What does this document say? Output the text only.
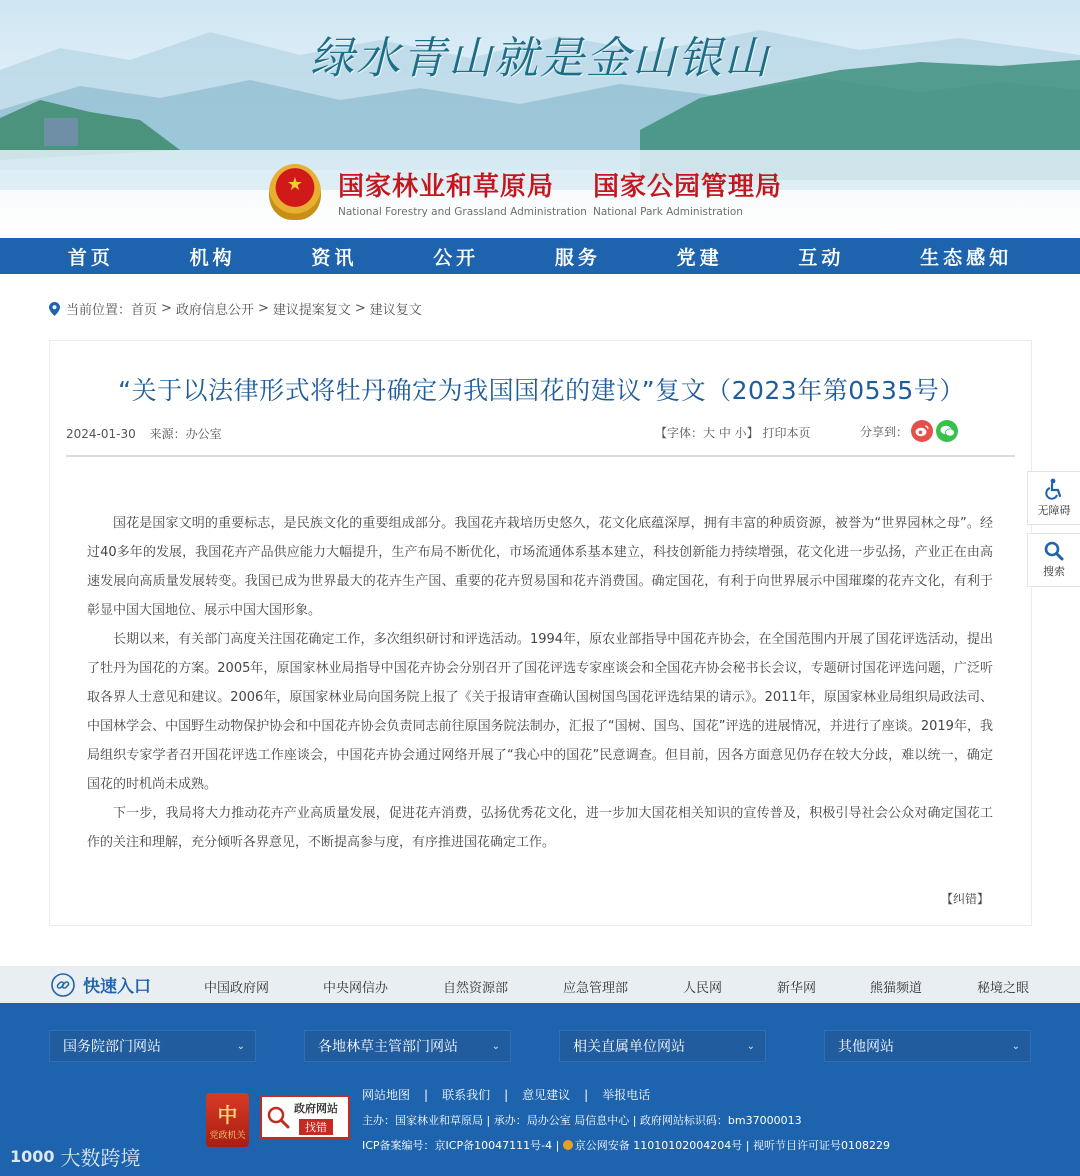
绿水青山就是金山银山
★
国家林业和草原局
National Forestry and Grassland Administration
国家公园管理局
National Park Administration
首页	机构	资讯	公开	服务	党建	互动	生态感知
当前位置： 首页 > 政府信息公开 > 建议提案复文 > 建议复文
“关于以法律形式将牡丹确定为我国国花的建议”复文（2023年第0535号）
2024-01-30 来源：办公室	【字体：大 中 小】 打印本页	分享到：

国花是国家文明的重要标志，是民族文化的重要组成部分。我国花卉栽培历史悠久，花文化底蕴深厚，拥有丰富的种质资源，被誉为“世界园林之母”。经过40多年的发展，我国花卉产品供应能力大幅提升，生产布局不断优化，市场流通体系基本建立，科技创新能力持续增强，花文化进一步弘扬，产业正在由高速发展向高质量发展转变。我国已成为世界最大的花卉生产国、重要的花卉贸易国和花卉消费国。确定国花，有利于向世界展示中国璀璨的花卉文化，有利于彰显中国大国地位、展示中国大国形象。

长期以来，有关部门高度关注国花确定工作，多次组织研讨和评选活动。1994年，原农业部指导中国花卉协会，在全国范围内开展了国花评选活动，提出了牡丹为国花的方案。2005年，原国家林业局指导中国花卉协会分别召开了国花评选专家座谈会和全国花卉协会秘书长会议，专题研讨国花评选问题，广泛听取各界人士意见和建议。2006年，原国家林业局向国务院上报了《关于报请审查确认国树国鸟国花评选结果的请示》。2011年，原国家林业局组织局政法司、中国林学会、中国野生动物保护协会和中国花卉协会负责同志前往原国务院法制办，汇报了“国树、国鸟、国花”评选的进展情况，并进行了座谈。2019年，我局组织专家学者召开国花评选工作座谈会，中国花卉协会通过网络开展了“我心中的国花”民意调查。但目前，因各方面意见仍存在较大分歧，难以统一，确定国花的时机尚未成熟。

下一步，我局将大力推动花卉产业高质量发展，促进花卉消费，弘扬优秀花文化，进一步加大国花相关知识的宣传普及，积极引导社会公众对确定国花工作的关注和理解，充分倾听各界意见，不断提高参与度，有序推进国花确定工作。

【纠错】
无障碍
搜索
快速入口	中国政府网	中央网信办	自然资源部	应急管理部	人民网	新华网	熊猫频道	秘境之眼
国务院部门网站	⌄	各地林草主管部门网站	⌄	相关直属单位网站	⌄	其他网站	⌄
中
党政机关
政府网站
找错
网站地图 | 联系我们 | 意见建议 | 举报电话
主办：国家林业和草原局 | 承办：局办公室 局信息中心 | 政府网站标识码：bm37000013
ICP备案编号：京ICP备10047111号-4 | 京公网安备 11010102004204号 | 视听节目许可证号0108229
1000 大数跨境
